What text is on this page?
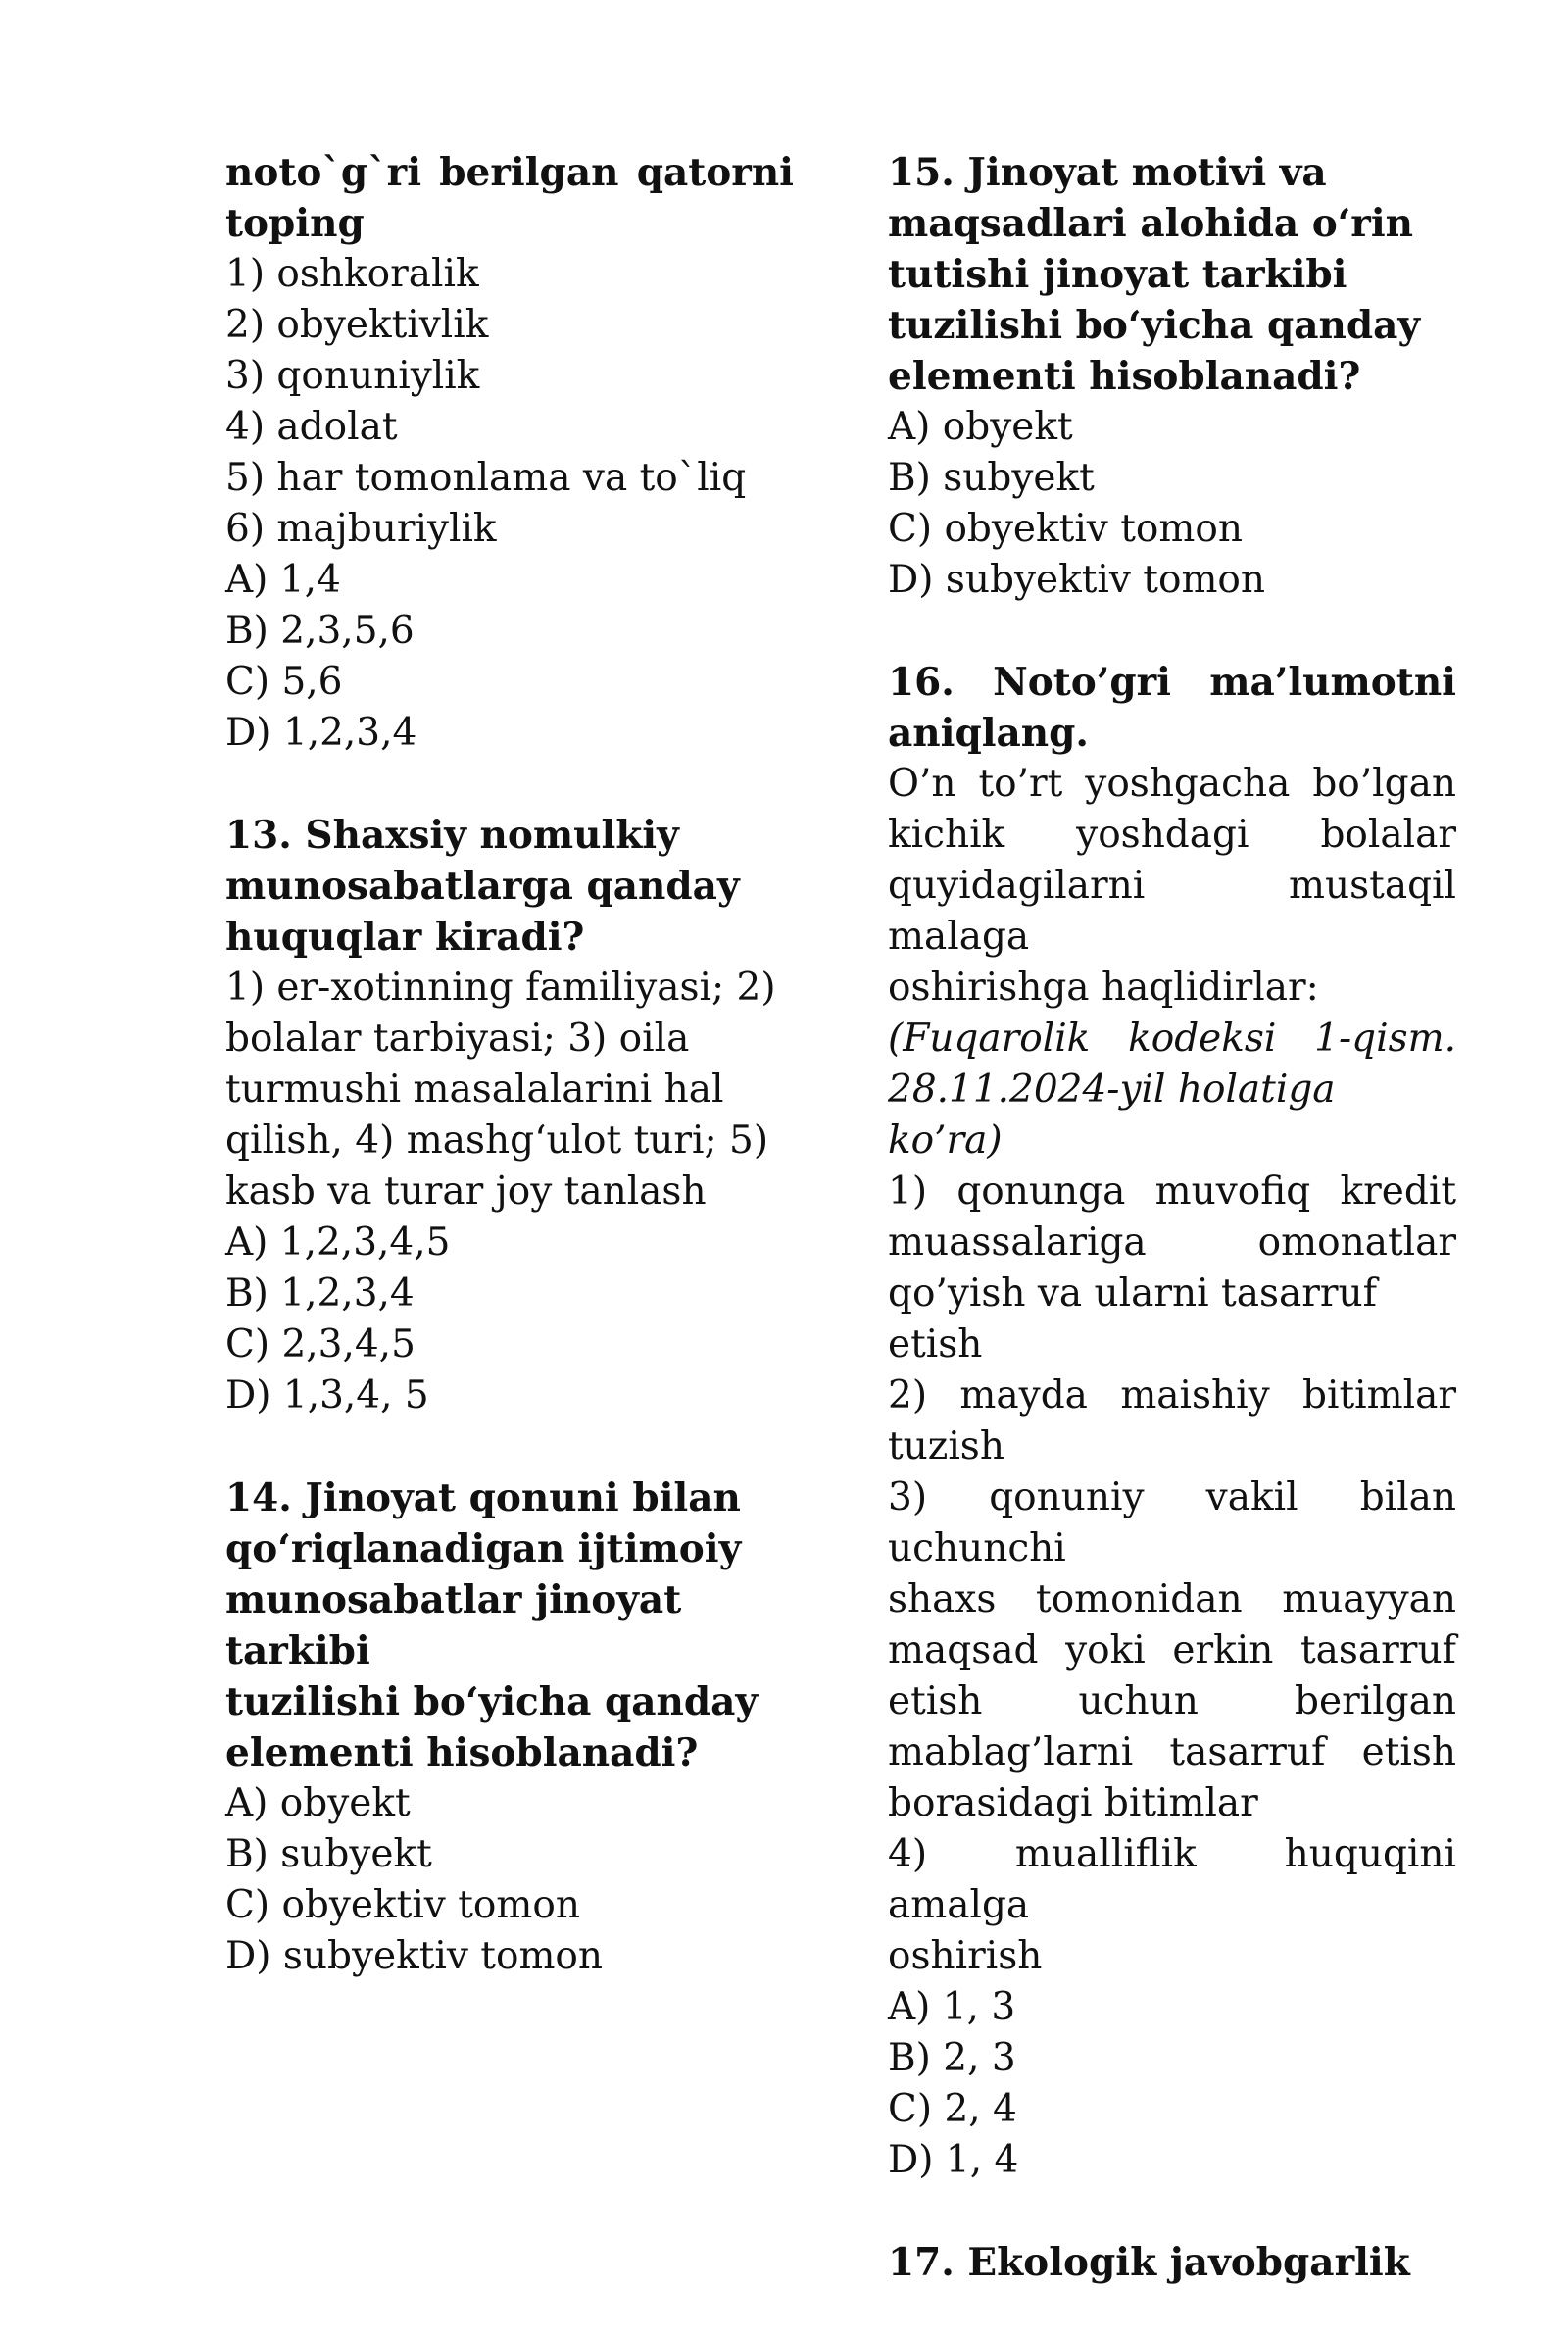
noto`g`ri berilgan qatorni
toping
1) oshkoralik
2) obyektivlik
3) qonuniylik
4) adolat
5) har tomonlama va to`liq
6) majburiylik
A) 1,4
B) 2,3,5,6
C) 5,6
D) 1,2,3,4
13. Shaxsiy nomulkiy
munosabatlarga qanday
huquqlar kiradi?
1) er-xotinning familiyasi; 2)
bolalar tarbiyasi; 3) oila
turmushi masalalarini hal
qilish, 4) mashg‘ulot turi; 5)
kasb va turar joy tanlash
A) 1,2,3,4,5
B) 1,2,3,4
C) 2,3,4,5
D) 1,3,4, 5
14. Jinoyat qonuni bilan
qo‘riqlanadigan ijtimoiy
munosabatlar jinoyat tarkibi
tuzilishi bo‘yicha qanday
elementi hisoblanadi?
A) obyekt
B) subyekt
C) obyektiv tomon
D) subyektiv tomon
15. Jinoyat motivi va
maqsadlari alohida o‘rin
tutishi jinoyat tarkibi
tuzilishi bo‘yicha qanday
elementi hisoblanadi?
A) obyekt
B) subyekt
C) obyektiv tomon
D) subyektiv tomon
16. Noto’gri ma’lumotni
aniqlang.
O’n to’rt yoshgacha bo’lgan
kichik yoshdagi bolalar
quyidagilarni mustaqil malaga
oshirishga haqlidirlar:
(Fuqarolik kodeksi 1-qism.
28.11.2024-yil holatiga ko’ra)
1) qonunga muvofiq kredit
muassalariga omonatlar
qo’yish va ularni tasarruf etish
2) mayda maishiy bitimlar
tuzish
3) qonuniy vakil bilan uchunchi
shaxs tomonidan muayyan
maqsad yoki erkin tasarruf
etish uchun berilgan
mablag’larni tasarruf etish
borasidagi bitimlar
4) mualliflik huquqini amalga
oshirish
A) 1, 3
B) 2, 3
C) 2, 4
D) 1, 4
17. Ekologik javobgarlik
